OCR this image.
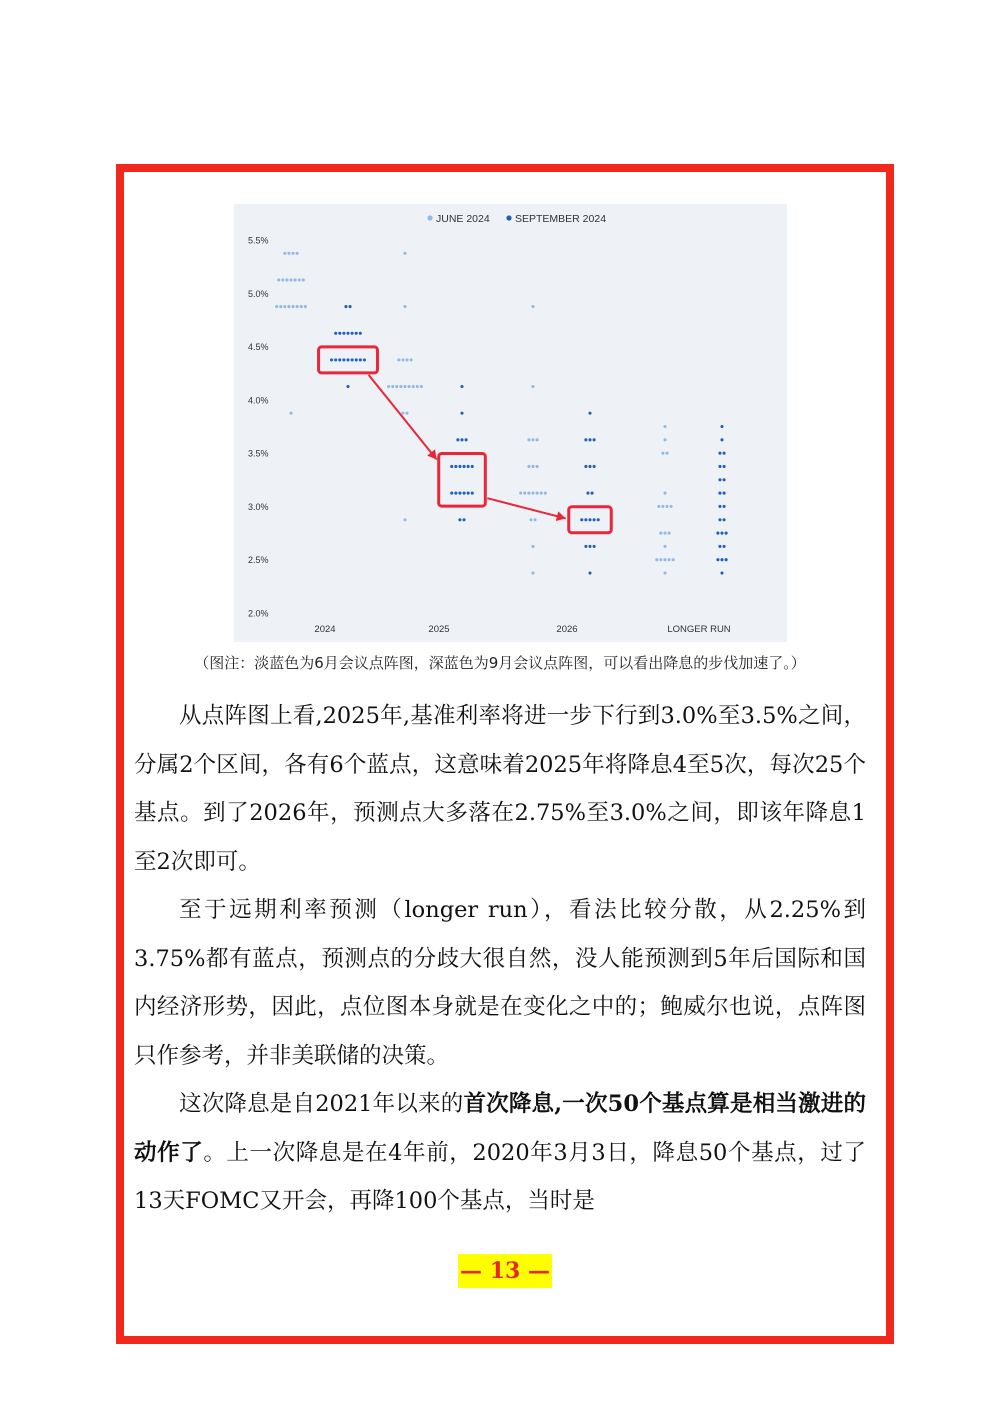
JUNE 2024 SEPTEMBER 2024
5.5%
5.0%
4.5%
4.0%
3.5%
3.0%
2.5%
2.0%
2024	2025	2026	LONGER RUN
（图注：淡蓝色为6月会议点阵图，深蓝色为9月会议点阵图，可以看出降息的步伐加速了。）

从点阵图上看,2025年,基准利率将进一步下行到3.0%至3.5%之间，分属2个区间，各有6个蓝点，这意味着2025年将降息4至5次，每次25个基点。到了2026年，预测点大多落在2.75%至3.0%之间，即该年降息1至2次即可。

至于远期利率预测（longer run），看法比较分散，从2.25%到3.75%都有蓝点，预测点的分歧大很自然，没人能预测到5年后国际和国内经济形势，因此，点位图本身就是在变化之中的；鲍威尔也说，点阵图只作参考，并非美联储的决策。

这次降息是自2021年以来的首次降息,一次50个基点算是相当激进的动作了。上一次降息是在4年前，2020年3月3日，降息50个基点，过了13天FOMC又开会，再降100个基点，当时是

— 13 —
